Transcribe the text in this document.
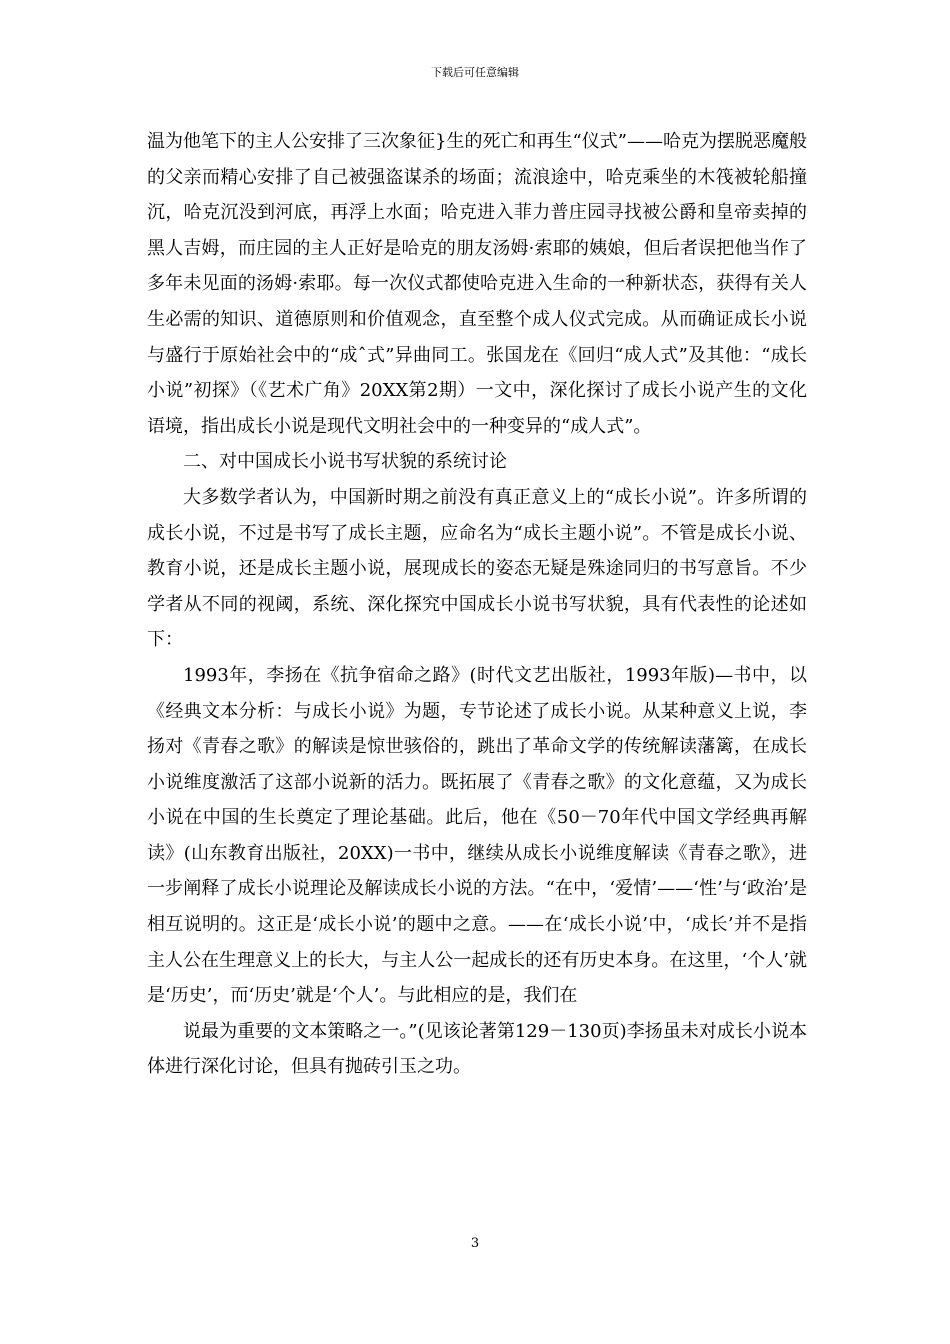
下载后可任意编辑

温为他笔下的主人公安排了三次象征}生的死亡和再生“仪式”——哈克为摆脱恶魔般的父亲而精心安排了自己被强盗谋杀的场面；流浪途中，哈克乘坐的木筏被轮船撞沉，哈克沉没到河底，再浮上水面；哈克进入菲力普庄园寻找被公爵和皇帝卖掉的黑人吉姆，而庄园的主人正好是哈克的朋友汤姆·索耶的姨娘，但后者误把他当作了多年未见面的汤姆·索耶。每一次仪式都使哈克进入生命的一种新状态，获得有关人生必需的知识、道德原则和价值观念，直至整个成人仪式完成。从而确证成长小说与盛行于原始社会中的“成ˆ式”异曲同工。张国龙在《回归“成人式”及其他：“成长小说”初探》（《艺术广角》20XX第2期）一文中，深化探讨了成长小说产生的文化语境，指出成长小说是现代文明社会中的一种变异的“成人式”。

二、对中国成长小说书写状貌的系统讨论

大多数学者认为，中国新时期之前没有真正意义上的“成长小说”。许多所谓的成长小说，不过是书写了成长主题，应命名为“成长主题小说”。不管是成长小说、教育小说，还是成长主题小说，展现成长的姿态无疑是殊途同归的书写意旨。不少学者从不同的视阈，系统、深化探究中国成长小说书写状貌，具有代表性的论述如下：

1993年，李扬在《抗争宿命之路》(时代文艺出版社，1993年版)—书中，以《经典文本分析：与成长小说》为题，专节论述了成长小说。从某种意义上说，李扬对《青春之歌》的解读是惊世骇俗的，跳出了革命文学的传统解读藩篱，在成长小说维度激活了这部小说新的活力。既拓展了《青春之歌》的文化意蕴，又为成长小说在中国的生长奠定了理论基础。此后，他在《50－70年代中国文学经典再解读》(山东教育出版社，20XX)一书中，继续从成长小说维度解读《青春之歌》，进一步阐释了成长小说理论及解读成长小说的方法。“在中，‘爱情’——‘性’与‘政治’是相互说明的。这正是‘成长小说’的题中之意。——在‘成长小说’中，‘成长’并不是指主人公在生理意义上的长大，与主人公一起成长的还有历史本身。在这里，‘个人’就是‘历史’，而‘历史’就是‘个人’。与此相应的是，我们在

说最为重要的文本策略之一。”(见该论著第129－130页)李扬虽未对成长小说本体进行深化讨论，但具有抛砖引玉之功。

3
